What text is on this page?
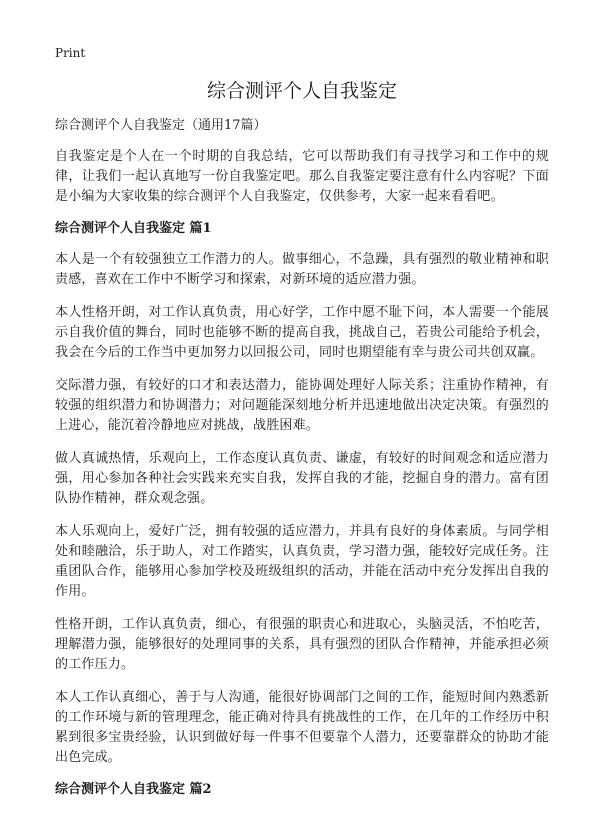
Print
综合测评个人自我鉴定
综合测评个人自我鉴定（通用17篇）

自我鉴定是个人在一个时期的自我总结，它可以帮助我们有寻找学习和工作中的规律，让我们一起认真地写一份自我鉴定吧。那么自我鉴定要注意有什么内容呢？下面是小编为大家收集的综合测评个人自我鉴定，仅供参考，大家一起来看看吧。

综合测评个人自我鉴定 篇1

本人是一个有较强独立工作潜力的人。做事细心，不急躁，具有强烈的敬业精神和职责感，喜欢在工作中不断学习和探索，对新环境的适应潜力强。

本人性格开朗，对工作认真负责，用心好学，工作中愿不耻下问，本人需要一个能展示自我价值的舞台，同时也能够不断的提高自我，挑战自己，若贵公司能给予机会，我会在今后的工作当中更加努力以回报公司，同时也期望能有幸与贵公司共创双赢。

交际潜力强，有较好的口才和表达潜力，能协调处理好人际关系；注重协作精神，有较强的组织潜力和协调潜力；对问题能深刻地分析并迅速地做出决定决策。有强烈的上进心，能沉着冷静地应对挑战，战胜困难。

做人真诚热情，乐观向上，工作态度认真负责、谦虚，有较好的时间观念和适应潜力强，用心参加各种社会实践来充实自我，发挥自我的才能，挖掘自身的潜力。富有团队协作精神，群众观念强。

本人乐观向上，爱好广泛，拥有较强的适应潜力，并具有良好的身体素质。与同学相处和睦融洽，乐于助人，对工作踏实，认真负责，学习潜力强，能较好完成任务。注重团队合作，能够用心参加学校及班级组织的活动，并能在活动中充分发挥出自我的作用。

性格开朗，工作认真负责，细心，有很强的职责心和进取心，头脑灵活，不怕吃苦，理解潜力强，能够很好的处理同事的关系，具有强烈的团队合作精神，并能承担必须的工作压力。

本人工作认真细心，善于与人沟通，能很好协调部门之间的工作，能短时间内熟悉新的工作环境与新的管理理念，能正确对待具有挑战性的工作，在几年的工作经历中积累到很多宝贵经验，认识到做好每一件事不但要靠个人潜力，还要靠群众的协助才能出色完成。

综合测评个人自我鉴定 篇2
